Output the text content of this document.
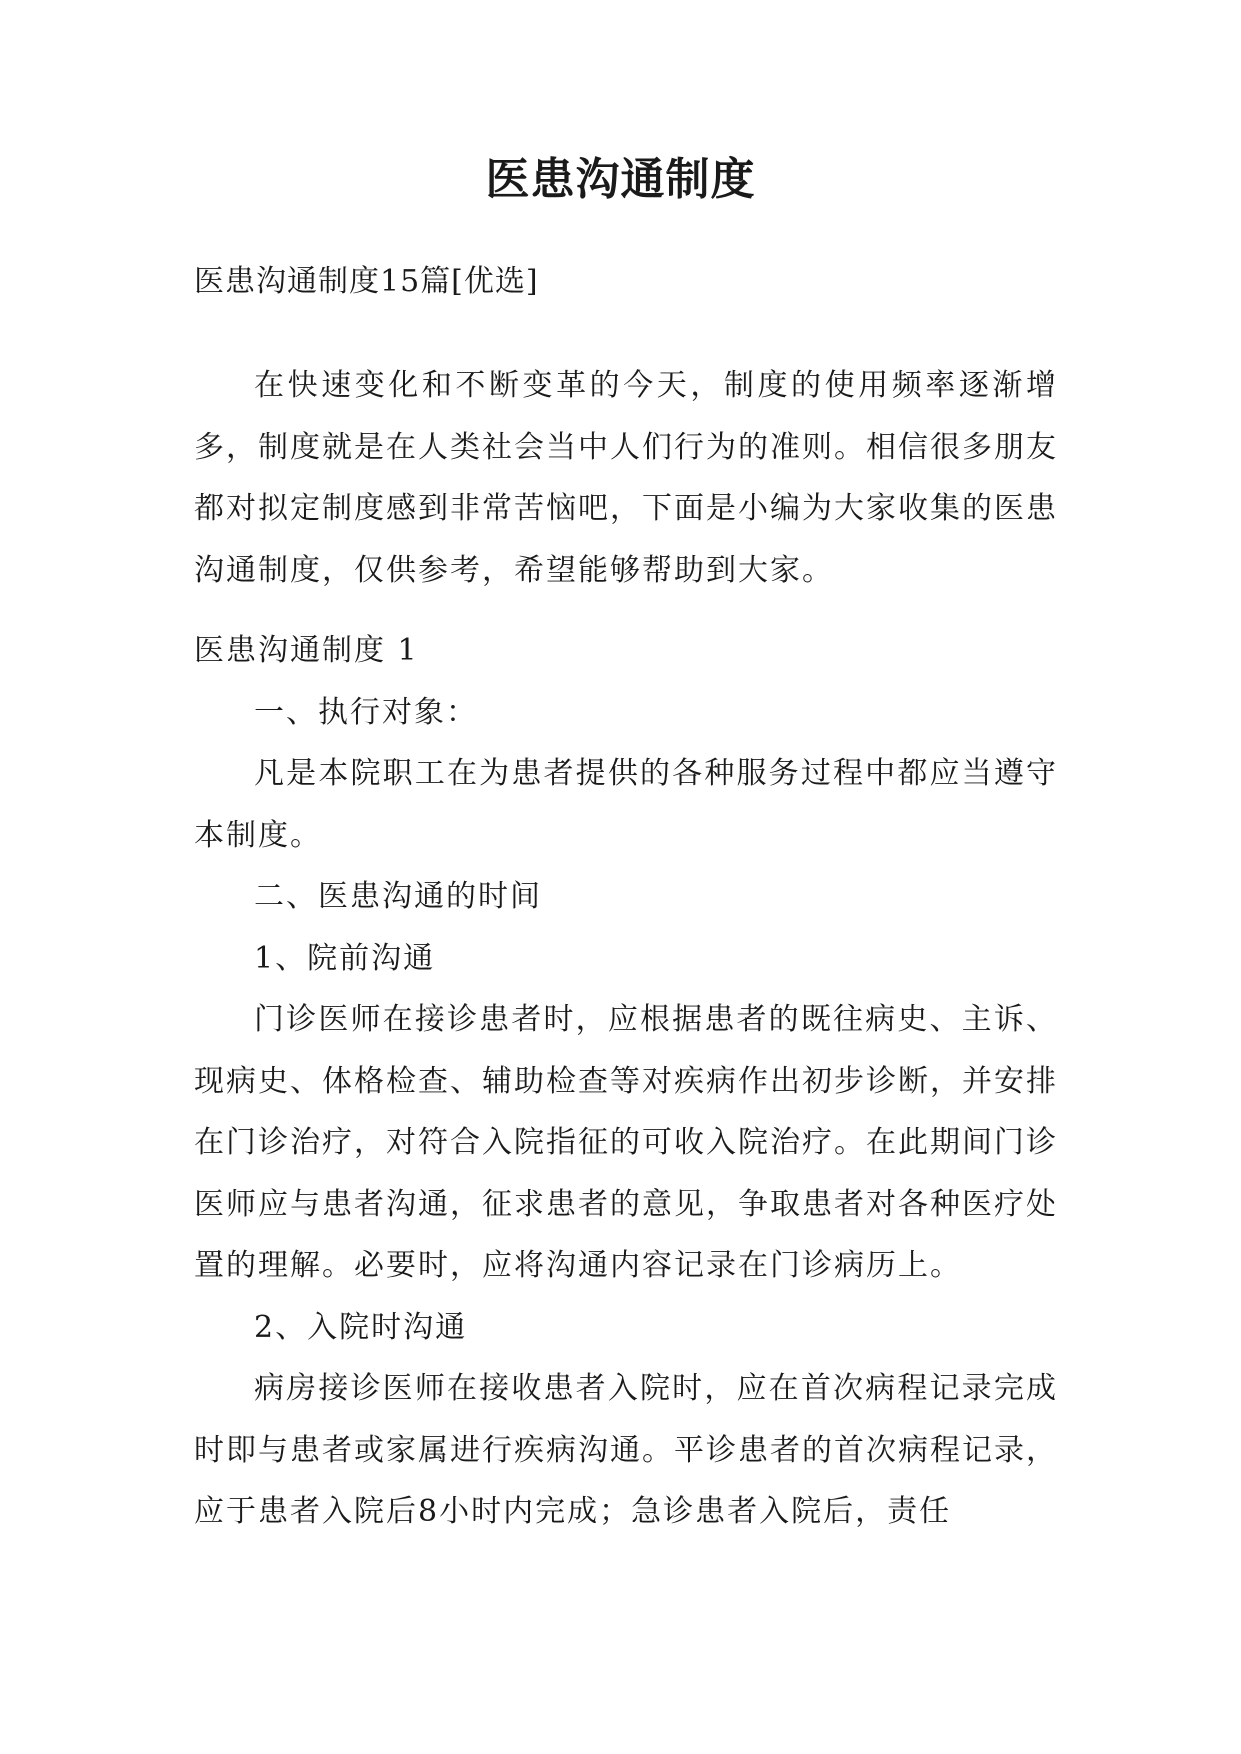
医患沟通制度
医患沟通制度15篇[优选]

在快速变化和不断变革的今天，制度的使用频率逐渐增多，制度就是在人类社会当中人们行为的准则。相信很多朋友都对拟定制度感到非常苦恼吧，下面是小编为大家收集的医患沟通制度，仅供参考，希望能够帮助到大家。

医患沟通制度 1

一、执行对象：

凡是本院职工在为患者提供的各种服务过程中都应当遵守本制度。

二、医患沟通的时间

1、院前沟通

门诊医师在接诊患者时，应根据患者的既往病史、主诉、现病史、体格检查、辅助检查等对疾病作出初步诊断，并安排在门诊治疗，对符合入院指征的可收入院治疗。在此期间门诊医师应与患者沟通，征求患者的意见，争取患者对各种医疗处置的理解。必要时，应将沟通内容记录在门诊病历上。

2、入院时沟通

病房接诊医师在接收患者入院时，应在首次病程记录完成时即与患者或家属进行疾病沟通。平诊患者的首次病程记录，应于患者入院后8小时内完成；急诊患者入院后，责任
